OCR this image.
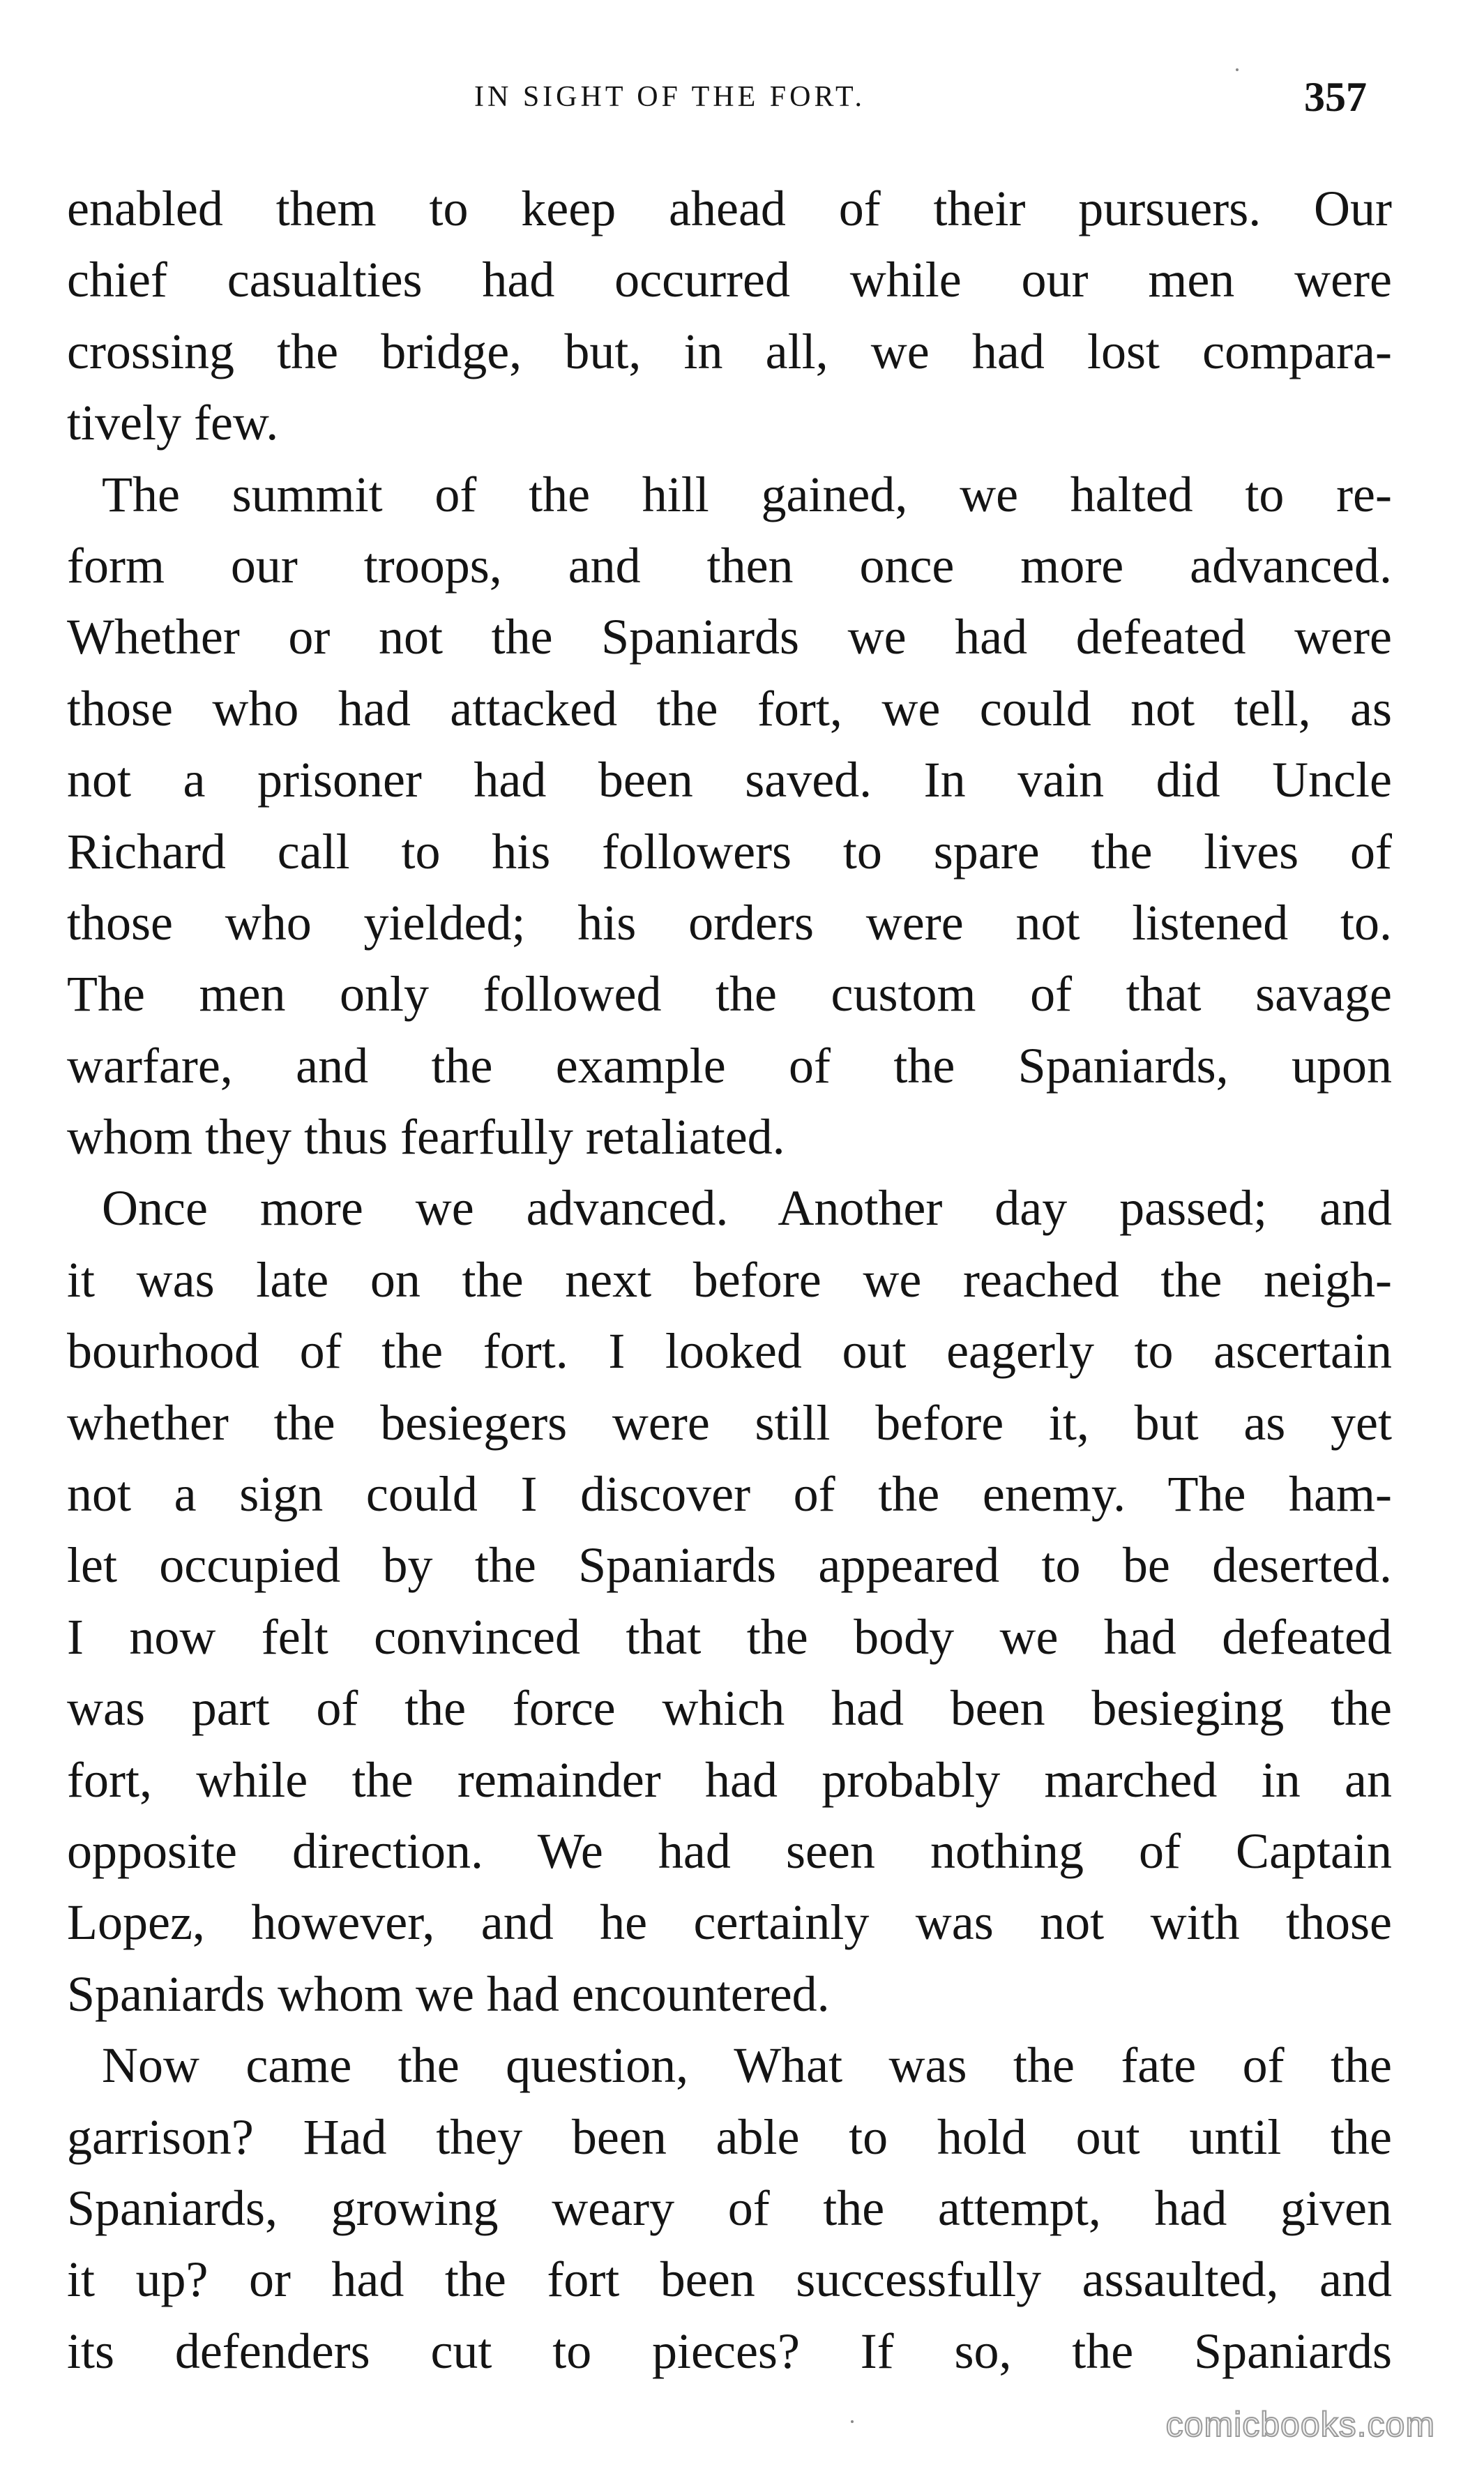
IN SIGHT OF THE FORT.	357
enabled them to keep ahead of their pursuers. Our
chief casualties had occurred while our men were
crossing the bridge, but, in all, we had lost compara-
tively few.
The summit of the hill gained, we halted to re-
form our troops, and then once more advanced.
Whether or not the Spaniards we had defeated were
those who had attacked the fort, we could not tell, as
not a prisoner had been saved. In vain did Uncle
Richard call to his followers to spare the lives of
those who yielded; his orders were not listened to.
The men only followed the custom of that savage
warfare, and the example of the Spaniards, upon
whom they thus fearfully retaliated.
Once more we advanced. Another day passed; and
it was late on the next before we reached the neigh-
bourhood of the fort. I looked out eagerly to ascertain
whether the besiegers were still before it, but as yet
not a sign could I discover of the enemy. The ham-
let occupied by the Spaniards appeared to be deserted.
I now felt convinced that the body we had defeated
was part of the force which had been besieging the
fort, while the remainder had probably marched in an
opposite direction. We had seen nothing of Captain
Lopez, however, and he certainly was not with those
Spaniards whom we had encountered.
Now came the question, What was the fate of the
garrison? Had they been able to hold out until the
Spaniards, growing weary of the attempt, had given
it up? or had the fort been successfully assaulted, and
its defenders cut to pieces? If so, the Spaniards
comicbooks.com
